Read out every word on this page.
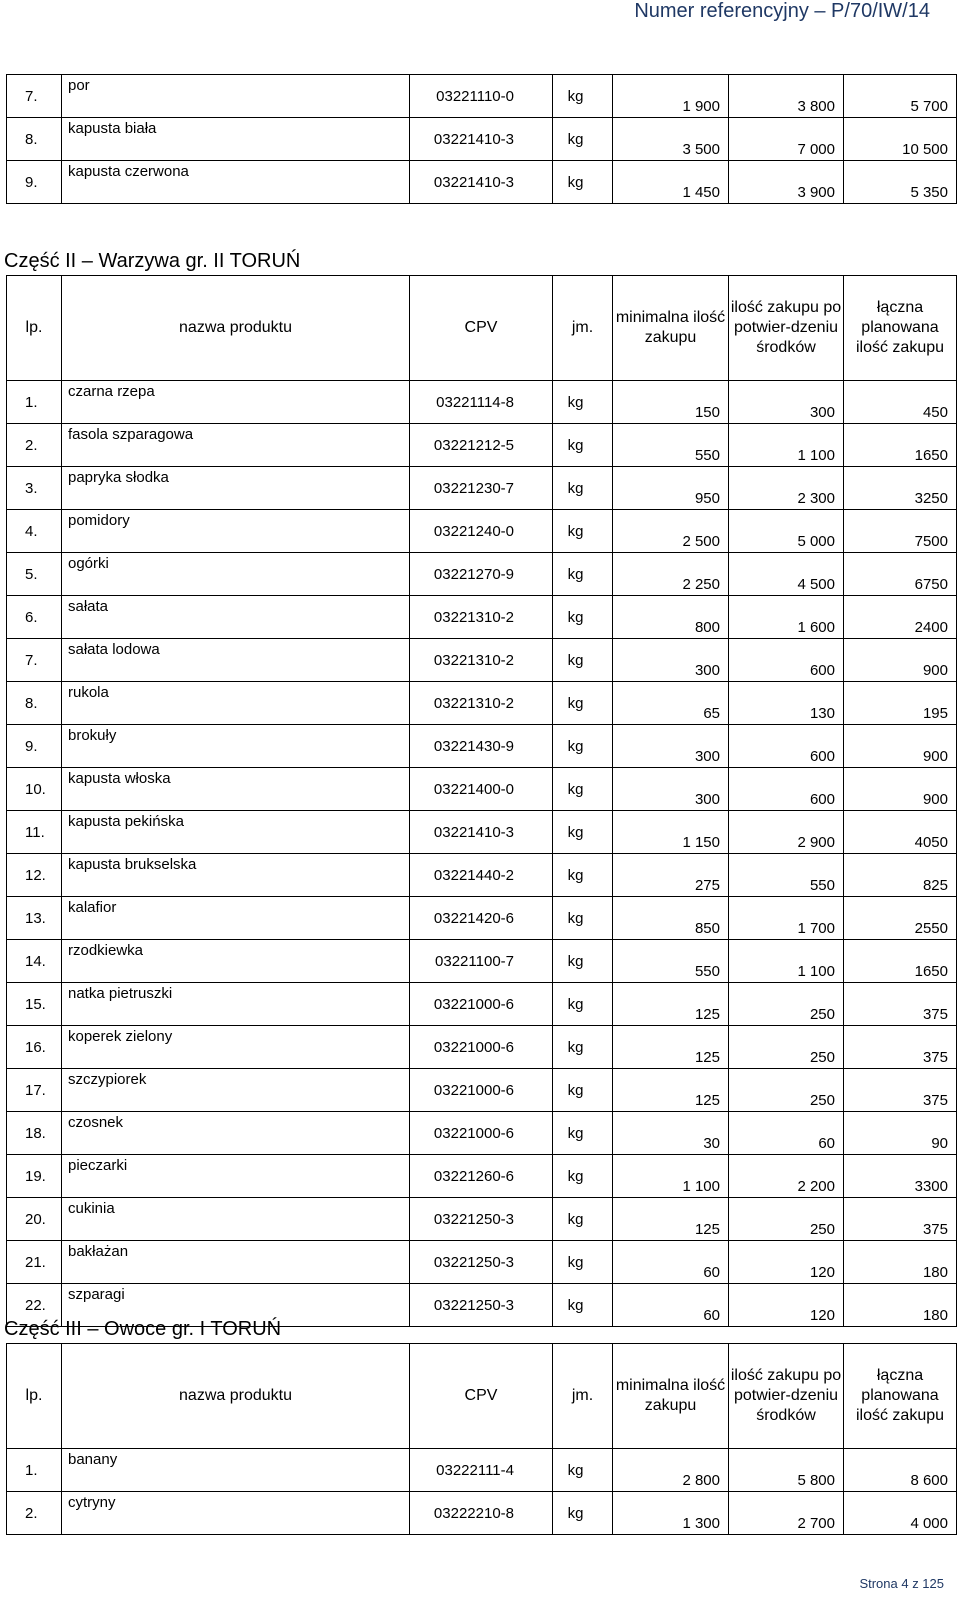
Numer referencyjny – P/70/IW/14
7.	por	03221110-0	kg	1 900	3 800	5 700
8.	kapusta biała	03221410-3	kg	3 500	7 000	10 500
9.	kapusta czerwona	03221410-3	kg	1 450	3 900	5 350
Część II – Warzywa gr. II TORUŃ
lp.	nazwa produktu	CPV	jm.	minimalna ilość zakupu	ilość zakupu po potwier-dzeniu środków	łączna planowana ilość zakupu
1.	czarna rzepa	03221114-8	kg	150	300	450
2.	fasola szparagowa	03221212-5	kg	550	1 100	1650
3.	papryka słodka	03221230-7	kg	950	2 300	3250
4.	pomidory	03221240-0	kg	2 500	5 000	7500
5.	ogórki	03221270-9	kg	2 250	4 500	6750
6.	sałata	03221310-2	kg	800	1 600	2400
7.	sałata lodowa	03221310-2	kg	300	600	900
8.	rukola	03221310-2	kg	65	130	195
9.	brokuły	03221430-9	kg	300	600	900
10.	kapusta włoska	03221400-0	kg	300	600	900
11.	kapusta pekińska	03221410-3	kg	1 150	2 900	4050
12.	kapusta brukselska	03221440-2	kg	275	550	825
13.	kalafior	03221420-6	kg	850	1 700	2550
14.	rzodkiewka	03221100-7	kg	550	1 100	1650
15.	natka pietruszki	03221000-6	kg	125	250	375
16.	koperek zielony	03221000-6	kg	125	250	375
17.	szczypiorek	03221000-6	kg	125	250	375
18.	czosnek	03221000-6	kg	30	60	90
19.	pieczarki	03221260-6	kg	1 100	2 200	3300
20.	cukinia	03221250-3	kg	125	250	375
21.	bakłażan	03221250-3	kg	60	120	180
22.	szparagi	03221250-3	kg	60	120	180
Część III – Owoce gr. I TORUŃ
lp.	nazwa produktu	CPV	jm.	minimalna ilość zakupu	ilość zakupu po potwier-dzeniu środków	łączna planowana ilość zakupu
1.	banany	03222111-4	kg	2 800	5 800	8 600
2.	cytryny	03222210-8	kg	1 300	2 700	4 000
Strona 4 z 125
